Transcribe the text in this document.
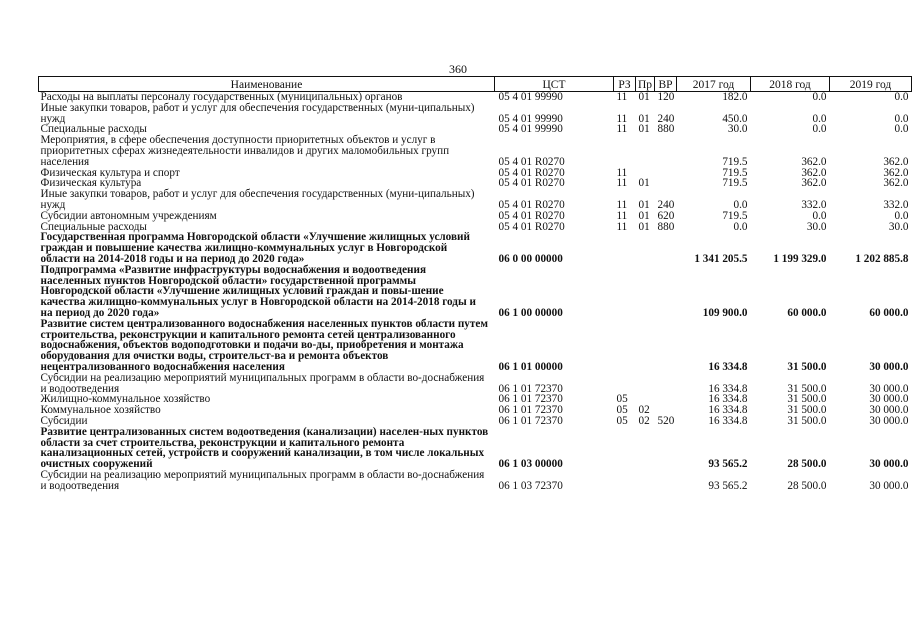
360
Наименование	ЦСТ	РЗ	Пр	ВР	2017 год	2018 год	2019 год
Расходы на выплаты персоналу государственных (муниципальных) органов	05 4 01 99990	11	01	120	182.0	0.0	0.0
Иные закупки товаров, работ и услуг для обеспечения государственных (муни-ципальных) нужд	05 4 01 99990	11	01	240	450.0	0.0	0.0
Специальные расходы	05 4 01 99990	11	01	880	30.0	0.0	0.0
Мероприятия, в сфере обеспечения доступности приоритетных объектов и услуг в приоритетных сферах жизнедеятельности инвалидов и других маломобильных групп населения	05 4 01 R0270				719.5	362.0	362.0
Физическая культура и спорт	05 4 01 R0270	11			719.5	362.0	362.0
Физическая культура	05 4 01 R0270	11	01		719.5	362.0	362.0
Иные закупки товаров, работ и услуг для обеспечения государственных (муни-ципальных) нужд	05 4 01 R0270	11	01	240	0.0	332.0	332.0
Субсидии автономным учреждениям	05 4 01 R0270	11	01	620	719.5	0.0	0.0
Специальные расходы	05 4 01 R0270	11	01	880	0.0	30.0	30.0
Государственная программа Новгородской области «Улучшение жилищных условий граждан и повышение качества жилищно-коммунальных услуг в Новгородской области на 2014-2018 годы и на период до 2020 года»	06 0 00 00000				1 341 205.5	1 199 329.0	1 202 885.8
Подпрограмма «Развитие инфраструктуры водоснабжения и водоотведения населенных пунктов Новгородской области» государственной программы Новгородской области «Улучшение жилищных условий граждан и повы-шение качества жилищно-коммунальных услуг в Новгородской области на 2014-2018 годы и на период до 2020 года»	06 1 00 00000				109 900.0	60 000.0	60 000.0
Развитие систем централизованного водоснабжения населенных пунктов области путем строительства, реконструкции и капитального ремонта сетей централизованного водоснабжения, объектов водоподготовки и подачи во-ды, приобретения и монтажа оборудования для очистки воды, строительст-ва и ремонта объектов нецентрализованного водоснабжения населения	06 1 01 00000				16 334.8	31 500.0	30 000.0
Субсидии на реализацию мероприятий муниципальных программ в области во-доснабжения и водоотведения	06 1 01 72370				16 334.8	31 500.0	30 000.0
Жилищно-коммунальное хозяйство	06 1 01 72370	05			16 334.8	31 500.0	30 000.0
Коммунальное хозяйство	06 1 01 72370	05	02		16 334.8	31 500.0	30 000.0
Субсидии	06 1 01 72370	05	02	520	16 334.8	31 500.0	30 000.0
Развитие централизованных систем водоотведения (канализации) населен-ных пунктов области за счет строительства, реконструкции и капитального ремонта канализационных сетей, устройств и сооружений канализации, в том числе локальных очистных сооружений	06 1 03 00000				93 565.2	28 500.0	30 000.0
Субсидии на реализацию мероприятий муниципальных программ в области во-доснабжения и водоотведения	06 1 03 72370				93 565.2	28 500.0	30 000.0
